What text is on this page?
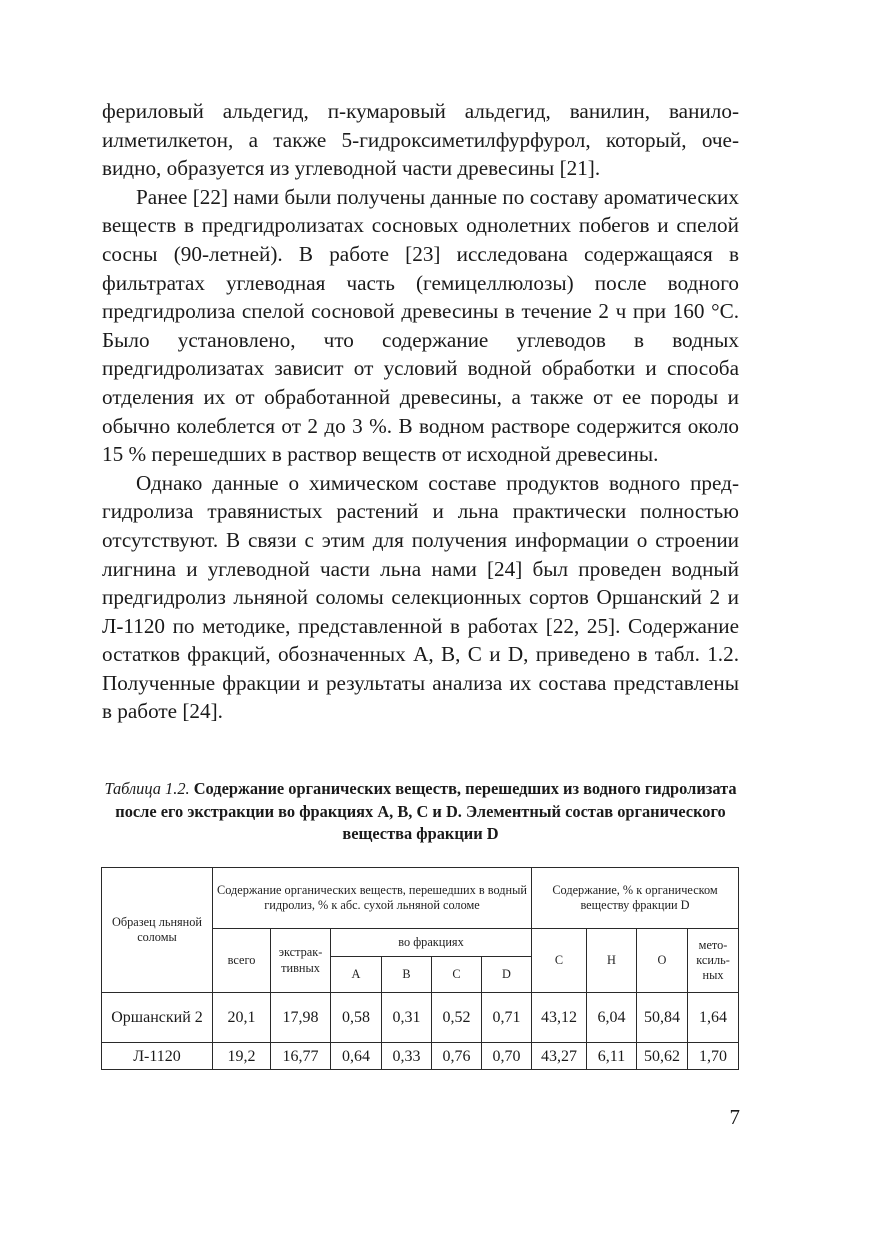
фериловый альдегид, п-кумаровый альдегид, ванилин, ванилоилметилкетон, а также 5-гидроксиметилфурфурол, который, очевидно, образуется из углеводной части древесины [21].

Ранее [22] нами были получены данные по составу ароматических веществ в предгидролизатах сосновых однолетних побегов и спелой сосны (90-летней). В работе [23] исследована содержащаяся в фильтратах углеводная часть (гемицеллюлозы) после водного предгидролиза спелой сосновой древесины в течение 2 ч при 160 °C. Было установлено, что содержание углеводов в водных предгидролизатах зависит от условий водной обработки и способа отделения их от обработанной древесины, а также от ее породы и обычно колеблется от 2 до 3 %. В водном растворе содержится около 15 % перешедших в раствор веществ от исходной древесины.

Однако данные о химическом составе продуктов водного предгидролиза травянистых растений и льна практически полностью отсутствуют. В связи с этим для получения информации о строении лигнина и углеводной части льна нами [24] был проведен водный предгидролиз льняной соломы селекционных сортов Оршанский 2 и Л-1120 по методике, представленной в работах [22, 25]. Содержание остатков фракций, обозначенных A, B, C и D, приведено в табл. 1.2. Полученные фракции и результаты анализа их состава представлены в работе [24].

Таблица 1.2. Содержание органических веществ, перешедших из водного гидролизата после его экстракции во фракциях A, B, C и D. Элементный состав органического вещества фракции D
Образец льняной соломы	Содержание органических веществ, перешедших в водный гидролиз, % к абс. сухой льняной соломе						Содержание, % к органическом веществу фракции D			
	всего	экстрак-тивных	во фракциях				C	H	O	мето-ксиль-ных
			A	B	C	D				
Оршанский 2	20,1	17,98	0,58	0,31	0,52	0,71	43,12	6,04	50,84	1,64
Л-1120	19,2	16,77	0,64	0,33	0,76	0,70	43,27	6,11	50,62	1,70
7
